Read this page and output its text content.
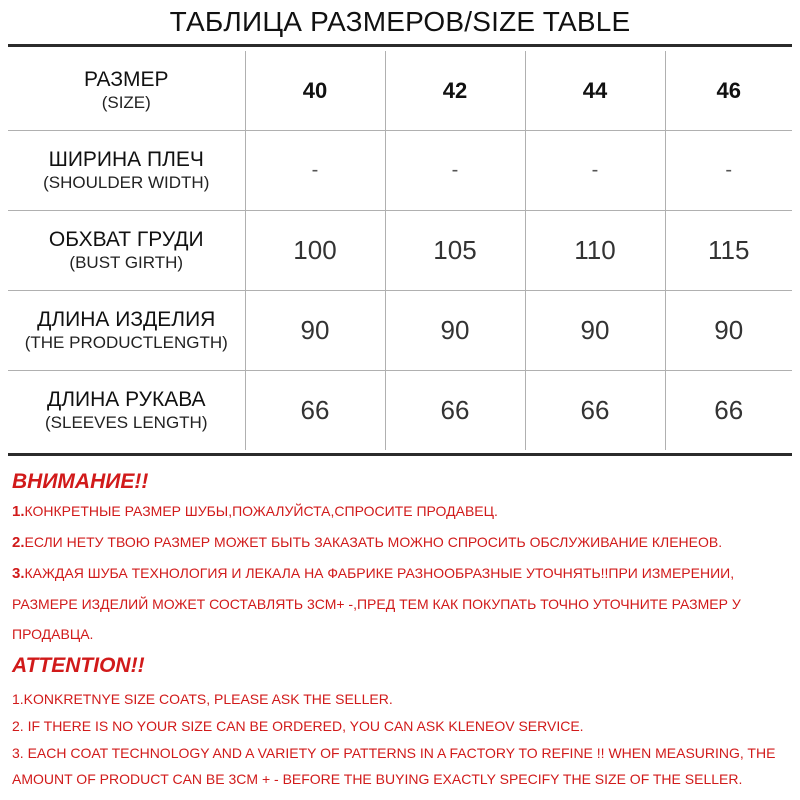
ТАБЛИЦА РАЗМЕРОВ/SIZE TABLE
РАЗМЕР
(SIZE)	40	42	44	46

ШИРИНА ПЛЕЧ
(SHOULDER WIDTH)	-	-	-	-

ОБХВАТ ГРУДИ
(BUST GIRTH)	100	105	110	115

ДЛИНА ИЗДЕЛИЯ
(THE PRODUCTLENGTH)	90	90	90	90

ДЛИНА РУКАВА
(SLEEVES LENGTH)	66	66	66	66

ВНИМАНИЕ!!

1.КОНКРЕТНЫЕ РАЗМЕР ШУБЫ,ПОЖАЛУЙСТА,СПРОСИТЕ ПРОДАВЕЦ.

2.ЕСЛИ НЕТУ ТВОЮ РАЗМЕР МОЖЕТ БЫТЬ ЗАКАЗАТЬ МОЖНО СПРОСИТЬ ОБСЛУЖИВАНИЕ КЛЕНЕОВ.

3.КАЖДАЯ ШУБА ТЕХНОЛОГИЯ И ЛЕКАЛА НА ФАБРИКЕ РАЗНООБРАЗНЫЕ УТОЧНЯТЬ!!ПРИ ИЗМЕРЕНИИ, РАЗМЕРЕ ИЗДЕЛИЙ МОЖЕТ СОСТАВЛЯТЬ 3СМ+ -,ПРЕД ТЕМ КАК ПОКУПАТЬ ТОЧНО УТОЧНИТЕ РАЗМЕР У ПРОДАВЦА.

ATTENTION!!

1.KONKRETNYE SIZE COATS, PLEASE ASK THE SELLER.

2. IF THERE IS NO YOUR SIZE CAN BE ORDERED, YOU CAN ASK KLENEOV SERVICE.

3. EACH COAT TECHNOLOGY AND A VARIETY OF PATTERNS IN A FACTORY TO REFINE !! WHEN MEASURING, THE AMOUNT OF PRODUCT CAN BE 3CM + - BEFORE THE BUYING EXACTLY SPECIFY THE SIZE OF THE SELLER.
